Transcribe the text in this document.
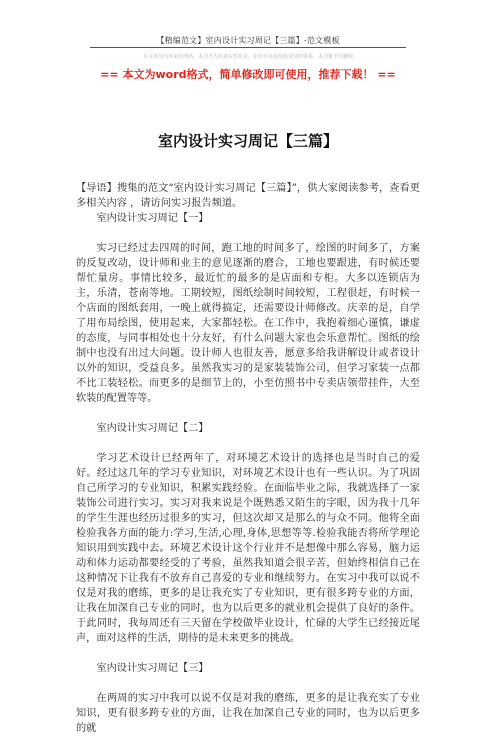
【精编范文】室内设计实习周记【三篇】-范文模板
本文部分内容来自网络，本司不为其真实性负责，如有异议或侵权请及时联系，本司将予以删除
== 本文为word格式，简单修改即可使用，推荐下载！ ==
室内设计实习周记【三篇】

【导语】搜集的范文“室内设计实习周记【三篇】”，供大家阅读参考，查看更多相关内容 ，请访问实习报告频道。

室内设计实习周记【一】

实习已经过去四周的时间，跑工地的时间多了，绘图的时间多了，方案的反复改动，设计师和业主的意见逐渐的磨合，工地也要跟进，有时候还要帮忙量房。事情比较多，最近忙的最多的是店面和专柜。大多以连锁店为主，乐清，苍南等地。工期较短，图纸绘制时间较短，工程很赶，有时候一个店面的图纸套用，一晚上就得搞定，还需要设计师修改。庆幸的是，自学了用布局绘图，使用起来，大家都轻松。在工作中，我抱着细心谨慎，谦虚的态度，与同事相处也十分友好，有什么问题大家也会乐意帮忙。图纸的绘制中也没有出过大问题。设计师人也很友善，愿意多给我讲解设计或者设计以外的知识，受益良多。虽然我实习的是家装装饰公司，但学习家装一点都不比工装轻松。而更多的是细节上的，小至仿照书中专卖店领带挂件，大至软装的配置等等。

室内设计实习周记【二】

学习艺术设计已经两年了，对环境艺术设计的选择也是当时自己的爱好。经过这几年的学习专业知识，对环境艺术设计也有一些认识。为了巩固自己所学习的专业知识，积累实践经验。在面临毕业之际，我就选择了一家装饰公司进行实习。实习对我来说是个既熟悉又陌生的字眼，因为我十几年的学生生涯也经历过很多的实习，但这次却又是那么的与众不同。他将全面检验我各方面的能力:学习,生活,心理,身体,思想等等.检验我能否将所学理论知识用到实践中去。环境艺术设计这个行业并不是想像中那么容易，脑力运动和体力运动都要经受的了考验，虽然我知道会很辛苦，但始终相信自己在这种情况下让我有不放弃自己喜爱的专业和继续努力。在实习中我可以说不仅是对我的磨练，更多的是让我充实了专业知识，更有很多跨专业的方面，让我在加深自己专业的同时，也为以后更多的就业机会提供了良好的条件。于此同时，我每周还有三天留在学校做毕业设计，忙碌的大学生已经接近尾声，面对这样的生活，期待的是未来更多的挑战。

室内设计实习周记【三】

在两周的实习中我可以说不仅是对我的磨练，更多的是让我充实了专业知识，更有很多跨专业的方面，让我在加深自己专业的同时，也为以后更多的就
